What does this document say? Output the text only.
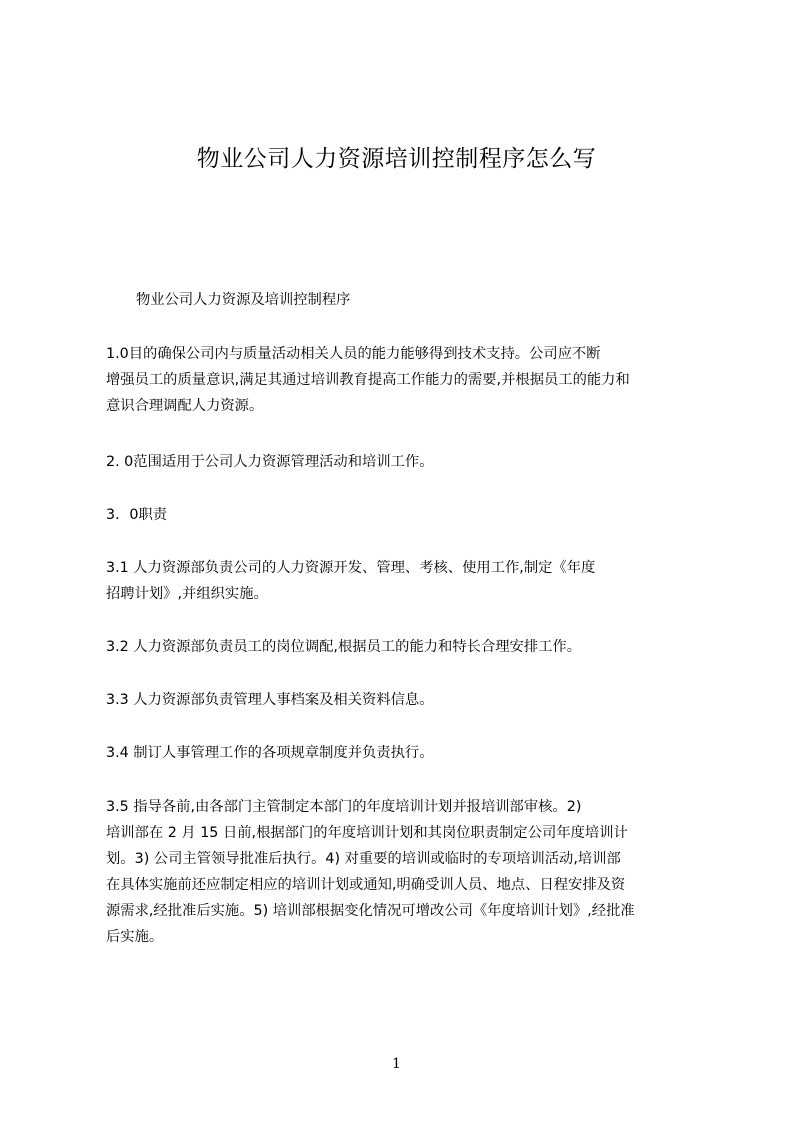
物业公司人力资源培训控制程序怎么写
物业公司人力资源及培训控制程序
1.0目的确保公司内与质量活动相关人员的能力能够得到技术支持。公司应不断
增强员工的质量意识,满足其通过培训教育提高工作能力的需要,并根据员工的能力和
意识合理调配人力资源。
2. 0范围适用于公司人力资源管理活动和培训工作。
3．0职责
3.1 人力资源部负责公司的人力资源开发、管理、考核、使用工作,制定《年度
招聘计划》,并组织实施。
3.2 人力资源部负责员工的岗位调配,根据员工的能力和特长合理安排工作。
3.3 人力资源部负责管理人事档案及相关资料信息。
3.4 制订人事管理工作的各项规章制度并负责执行。
3.5 指导各前,由各部门主管制定本部门的年度培训计划并报培训部审核。2)
培训部在 2 月 15 日前,根据部门的年度培训计划和其岗位职责制定公司年度培训计
划。3) 公司主管领导批准后执行。4) 对重要的培训或临时的专项培训活动,培训部
在具体实施前还应制定相应的培训计划或通知,明确受训人员、地点、日程安排及资
源需求,经批准后实施。5) 培训部根据变化情况可增改公司《年度培训计划》,经批准
后实施。
1
